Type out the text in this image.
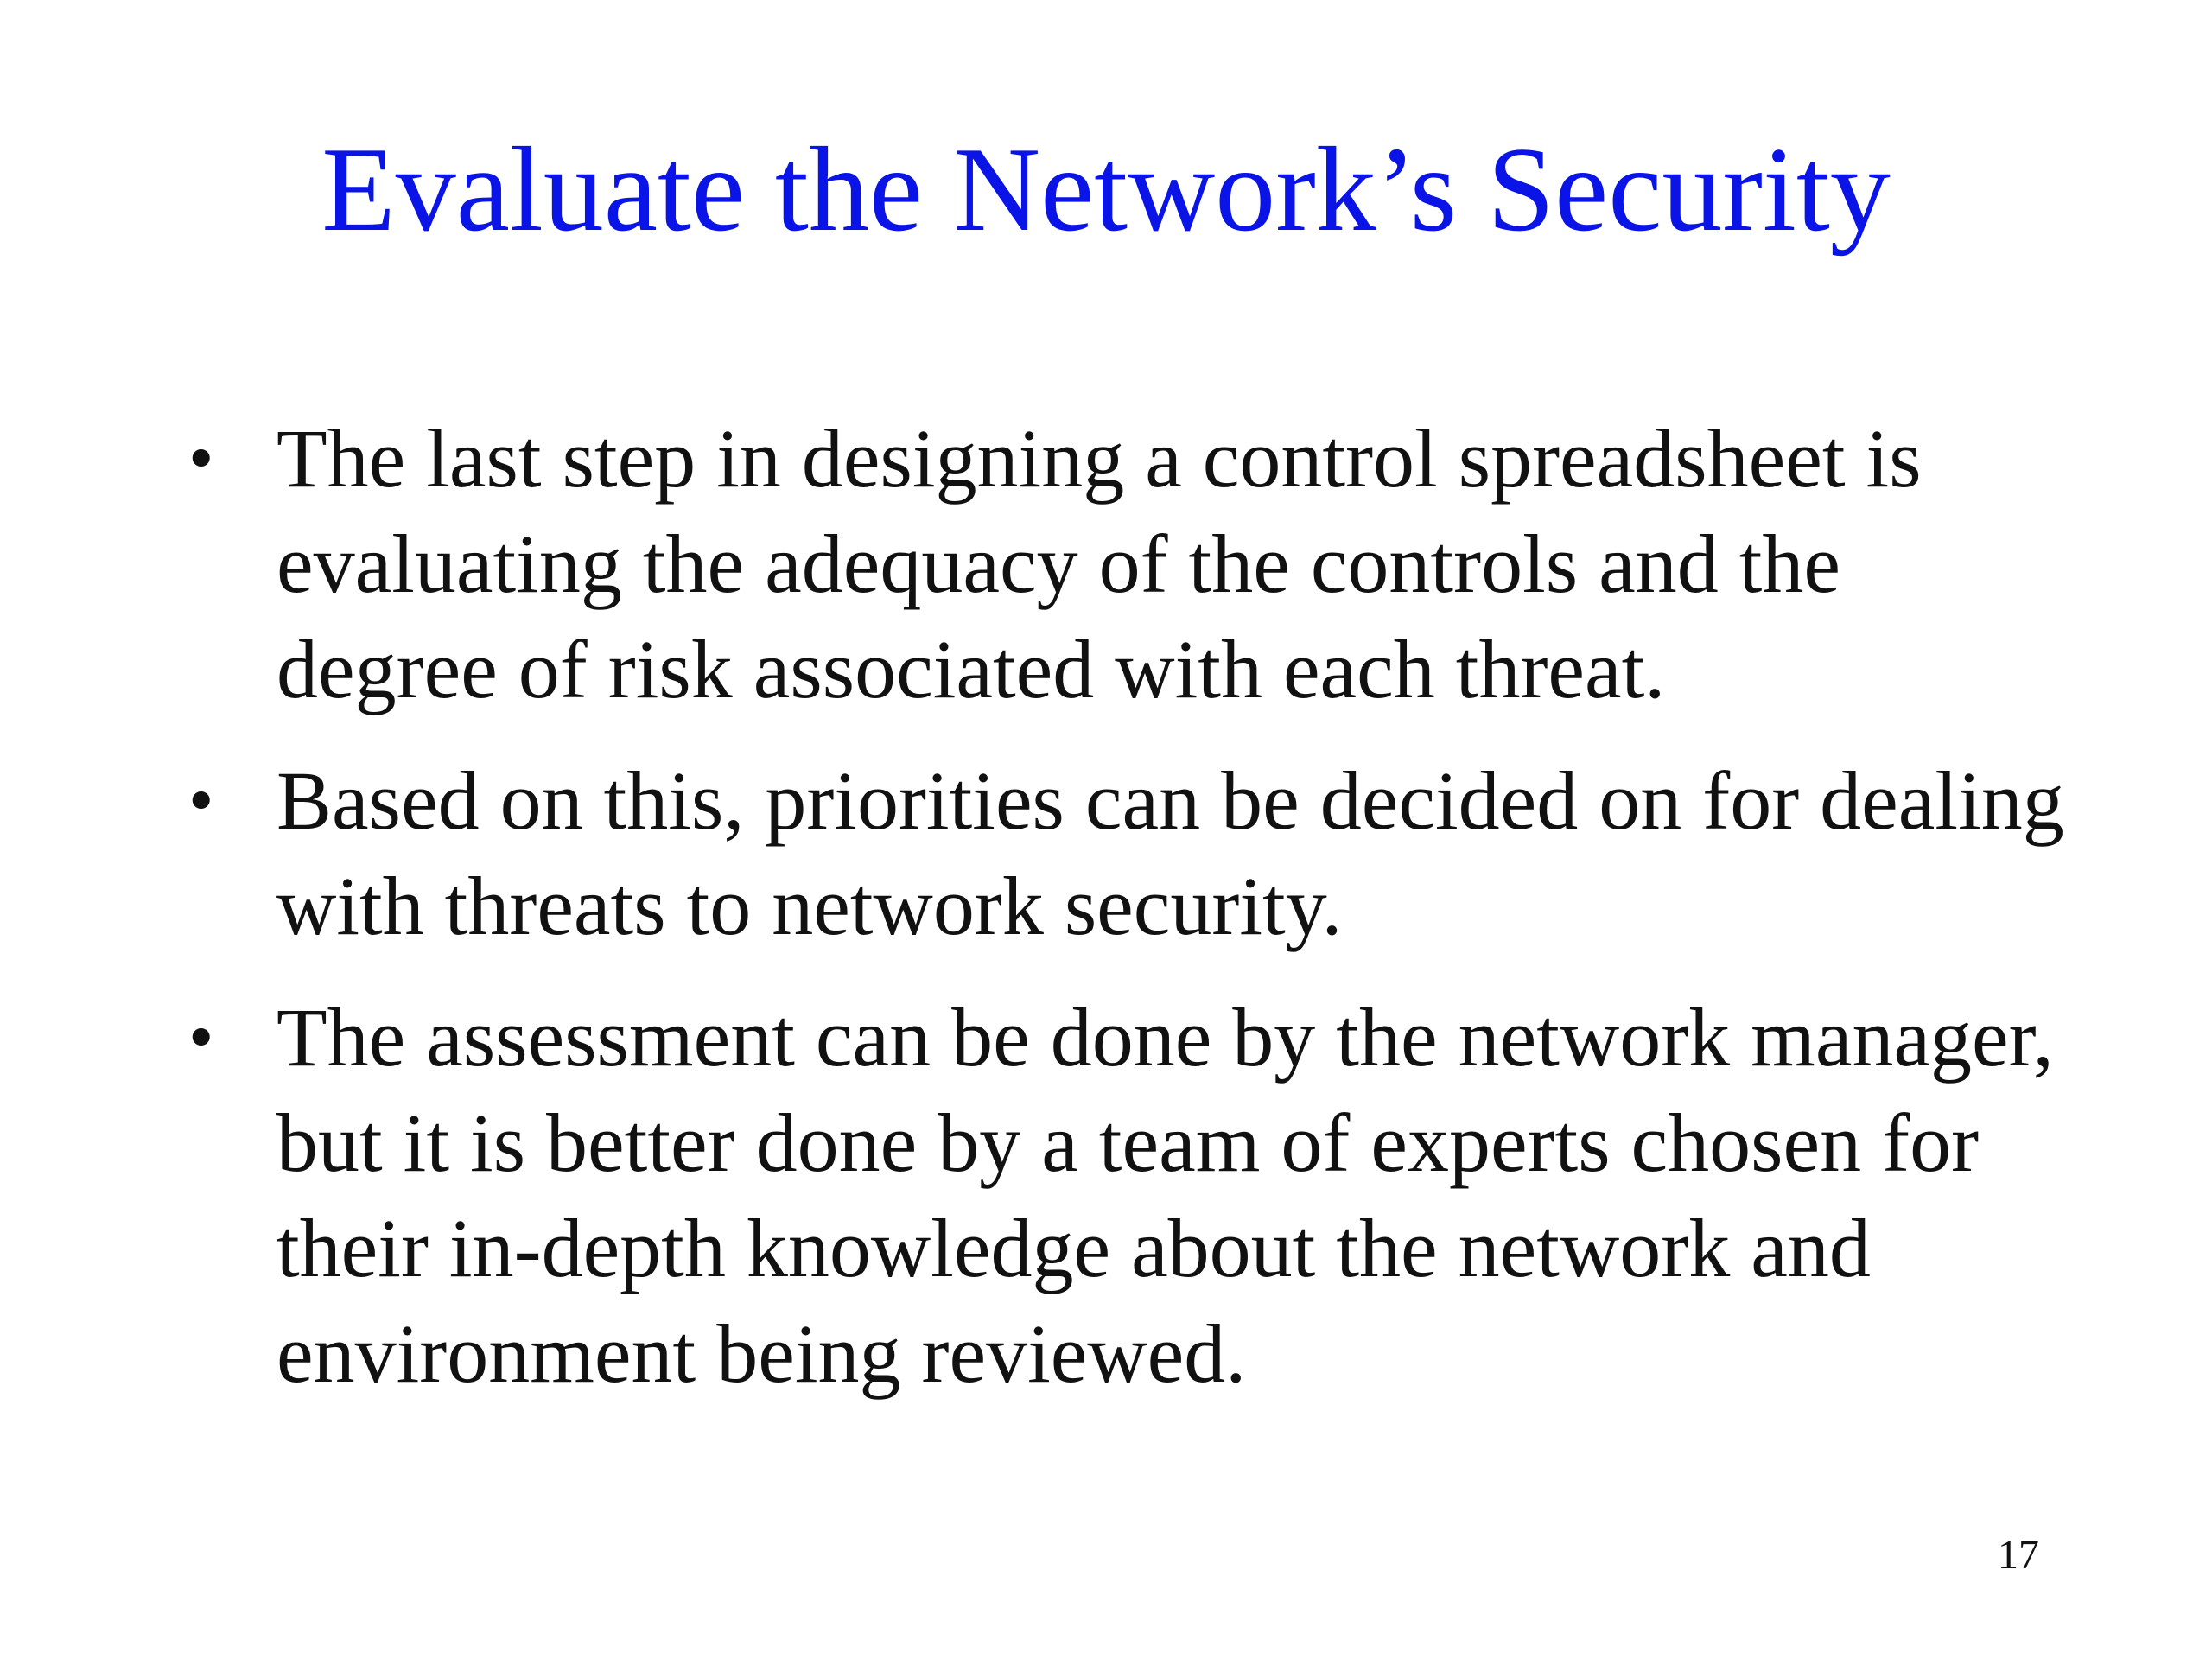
Evaluate the Network’s Security
• The last step in designing a control spreadsheet is evaluating the adequacy of the controls and the degree of risk associated with each threat.
• Based on this, priorities can be decided on for dealing with threats to network security.
• The assessment can be done by the network manager, but it is better done by a team of experts chosen for their in-depth knowledge about the network and environment being reviewed.
17
